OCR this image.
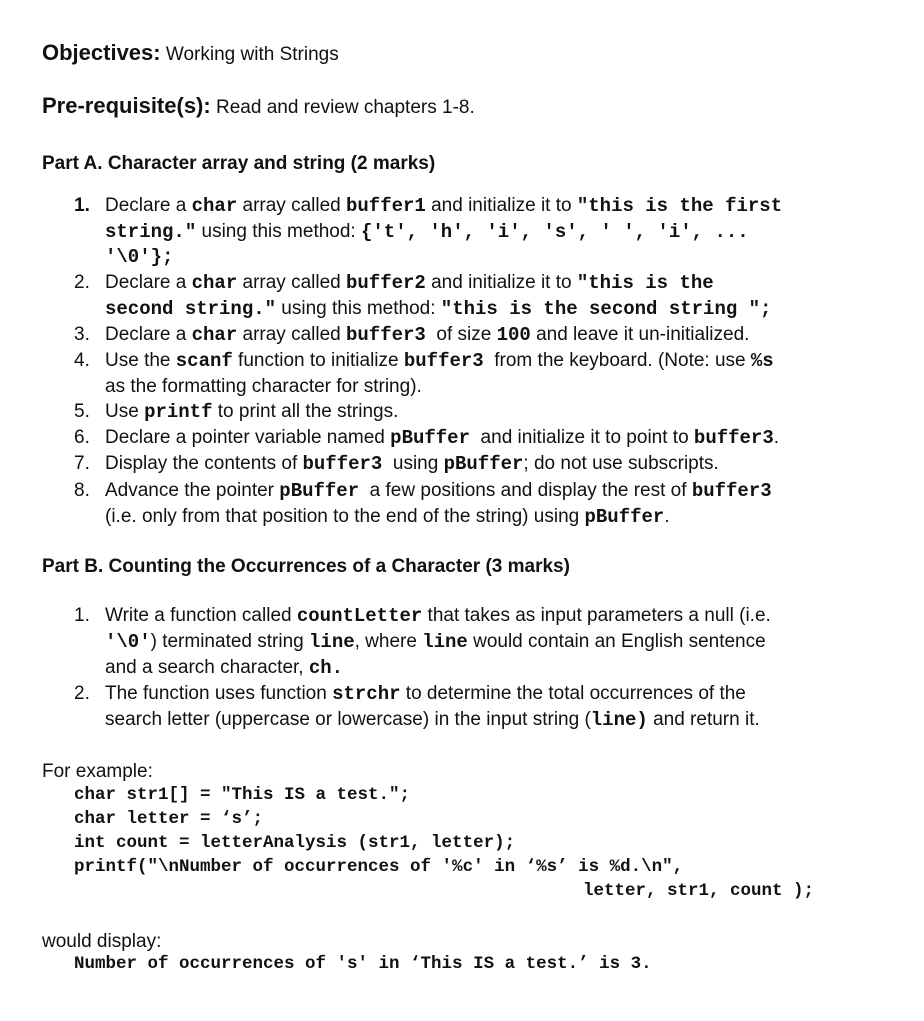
Objectives: Working with Strings
Pre-requisite(s): Read and review chapters 1-8.
Part A. Character array and string (2 marks)
1. Declare a char array called buffer1 and initialize it to "this is the first
string." using this method: {'t', 'h', 'i', 's', ' ', 'i', ...
'\0'};
2. Declare a char array called buffer2 and initialize it to "this is the
second string." using this method: "this is the second string ";
3. Declare a char array called buffer3  of size 100 and leave it un-initialized.
4. Use the scanf function to initialize buffer3  from the keyboard. (Note: use %s
as the formatting character for string).
5. Use printf to print all the strings.
6. Declare a pointer variable named pBuffer  and initialize it to point to buffer3.
7. Display the contents of buffer3  using pBuffer; do not use subscripts.
8. Advance the pointer pBuffer  a few positions and display the rest of buffer3
(i.e. only from that position to the end of the string) using pBuffer.
Part B. Counting the Occurrences of a Character (3 marks)
1. Write a function called countLetter that takes as input parameters a null (i.e.
'\0') terminated string line, where line would contain an English sentence
and a search character, ch.
2. The function uses function strchr to determine the total occurrences of the
search letter (uppercase or lowercase) in the input string (line) and return it.
For example:
char str1[] = "This IS a test.";
char letter = ‘s’;
int count = letterAnalysis (str1, letter);
printf("\nNumber of occurrences of '%c' in ‘%s’ is %d.\n",
letter, str1, count );
would display:
Number of occurrences of 's' in ‘This IS a test.’ is 3.
